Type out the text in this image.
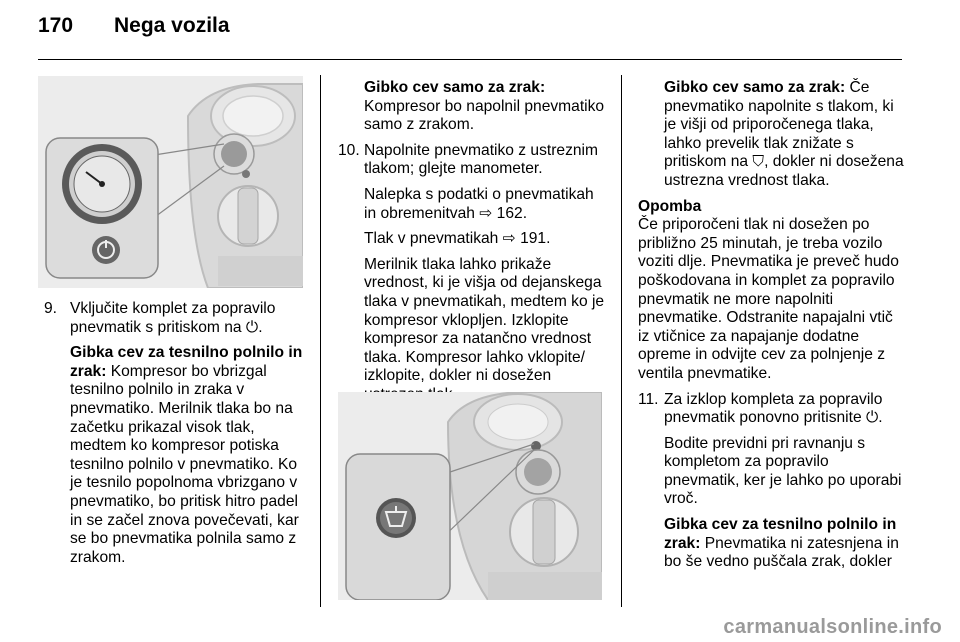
170 Nega vozila
9. Vključite komplet za popravilo pnevmatik s pritiskom na ⏻.

Gibka cev za tesnilno polnilo in zrak: Kompresor bo vbrizgal tesnilno polnilo in zraka v pnevmatiko. Merilnik tlaka bo na začetku prikazal visok tlak, medtem ko kompresor potiska tesnilno polnilo v pnevmatiko. Ko je tesnilo popolnoma vbrizgano v pnevmatiko, bo pritisk hitro padel in se začel znova povečevati, kar se bo pnevmatika polnila samo z zrakom.

Gibko cev samo za zrak:
Kompresor bo napolnil pnevmatiko samo z zrakom.

10. Napolnite pnevmatiko z ustreznim tlakom; glejte manometer.

Nalepka s podatki o pnevmatikah in obremenitvah ⇨ 162.

Tlak v pnevmatikah ⇨ 191.

Merilnik tlaka lahko prikaže vrednost, ki je višja od dejanskega tlaka v pnevmatikah, medtem ko je kompresor vklopljen. Izklopite kompresor za natančno vrednost tlaka. Kompresor lahko vklopite/ izklopite, dokler ni dosežen

Gibko cev samo za zrak: Če pnevmatiko napolnite s tlakom, ki je višji od priporočenega tlaka, lahko prevelik tlak znižate s pritiskom na ⛉, dokler ni dosežena ustrezna vrednost tlaka.

Opomba
Če priporočeni tlak ni dosežen po približno 25 minutah, je treba vozilo voziti dlje. Pnevmatika je preveč hudo poškodovana in komplet za popravilo pnevmatik ne more napolniti pnevmatike. Odstranite napajalni vtič iz vtičnice za napajanje dodatne opreme in odvijte cev za polnjenje z ventila pnevmatike.

11. Za izklop kompleta za popravilo pnevmatik ponovno pritisnite ⏻.

Bodite previdni pri ravnanju s kompletom za popravilo pnevmatik, ker je lahko po uporabi vroč.

Gibka cev za tesnilno polnilo in zrak: Pnevmatika ni zatesnjena in bo še vedno puščala zrak, dokler

carmanualsonline.info
